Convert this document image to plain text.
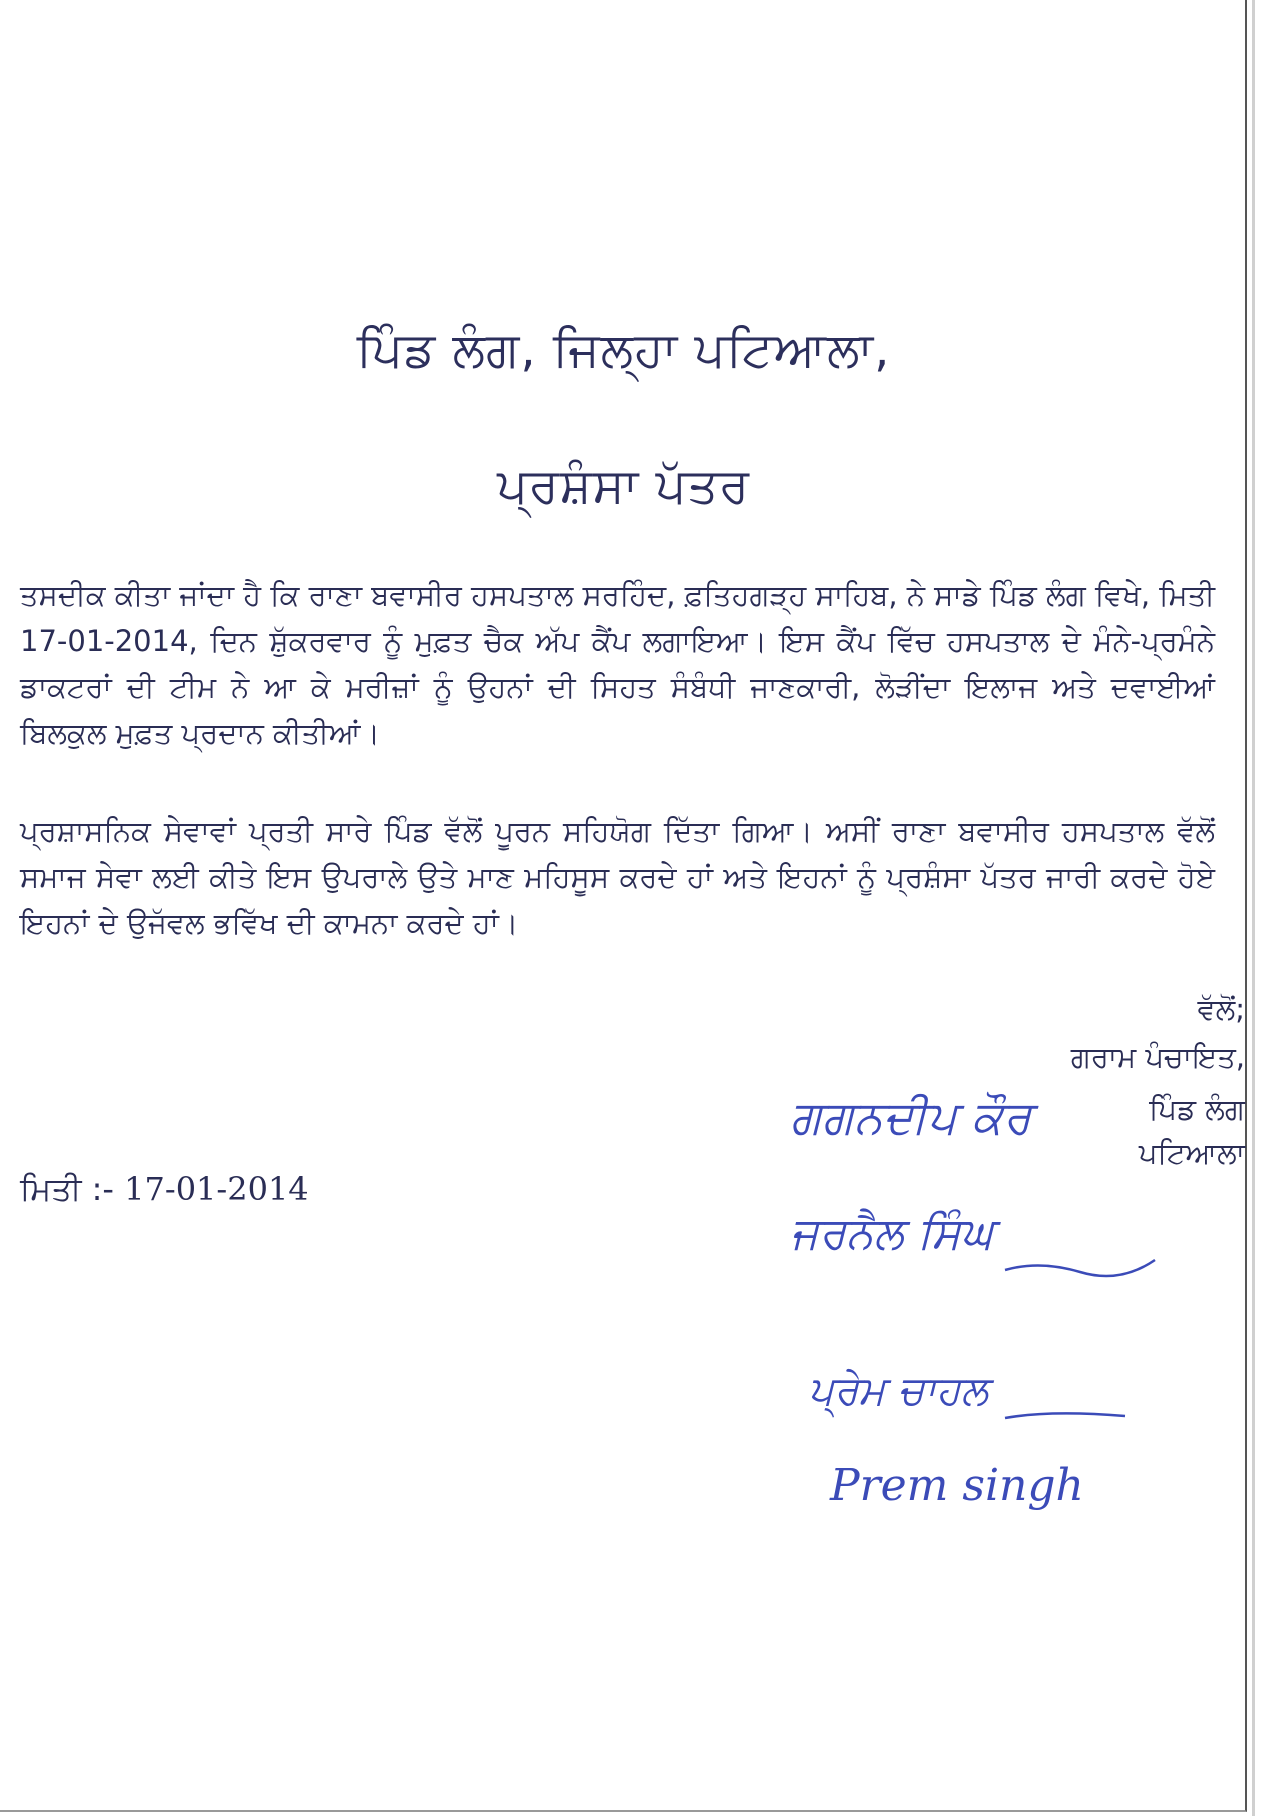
ਪਿੰਡ ਲੰਗ, ਜਿਲ੍ਹਾ ਪਟਿਆਲਾ,
ਪ੍ਰਸ਼ੰਸਾ ਪੱਤਰ

ਤਸਦੀਕ ਕੀਤਾ ਜਾਂਦਾ ਹੈ ਕਿ ਰਾਣਾ ਬਵਾਸੀਰ ਹਸਪਤਾਲ ਸਰਹਿੰਦ, ਫ਼ਤਿਹਗੜ੍ਹ ਸਾਹਿਬ, ਨੇ ਸਾਡੇ ਪਿੰਡ ਲੰਗ ਵਿਖੇ, ਮਿਤੀ 17-01-2014, ਦਿਨ ਸ਼ੁੱਕਰਵਾਰ ਨੂੰ ਮੁਫ਼ਤ ਚੈਕ ਅੱਪ ਕੈਂਪ ਲਗਾਇਆ। ਇਸ ਕੈਂਪ ਵਿੱਚ ਹਸਪਤਾਲ ਦੇ ਮੰਨੇ-ਪ੍ਰਮੰਨੇ ਡਾਕਟਰਾਂ ਦੀ ਟੀਮ ਨੇ ਆ ਕੇ ਮਰੀਜ਼ਾਂ ਨੂੰ ਉਹਨਾਂ ਦੀ ਸਿਹਤ ਸੰਬੰਧੀ ਜਾਣਕਾਰੀ, ਲੋੜੀਂਦਾ ਇਲਾਜ ਅਤੇ ਦਵਾਈਆਂ ਬਿਲਕੁਲ ਮੁਫ਼ਤ ਪ੍ਰਦਾਨ ਕੀਤੀਆਂ।

ਪ੍ਰਸ਼ਾਸਨਿਕ ਸੇਵਾਵਾਂ ਪ੍ਰਤੀ ਸਾਰੇ ਪਿੰਡ ਵੱਲੋਂ ਪੂਰਨ ਸਹਿਯੋਗ ਦਿੱਤਾ ਗਿਆ। ਅਸੀਂ ਰਾਣਾ ਬਵਾਸੀਰ ਹਸਪਤਾਲ ਵੱਲੋਂ ਸਮਾਜ ਸੇਵਾ ਲਈ ਕੀਤੇ ਇਸ ਉਪਰਾਲੇ ਉਤੇ ਮਾਣ ਮਹਿਸੂਸ ਕਰਦੇ ਹਾਂ ਅਤੇ ਇਹਨਾਂ ਨੂੰ ਪ੍ਰਸ਼ੰਸਾ ਪੱਤਰ ਜਾਰੀ ਕਰਦੇ ਹੋਏ ਇਹਨਾਂ ਦੇ ਉਜੱਵਲ ਭਵਿੱਖ ਦੀ ਕਾਮਨਾ ਕਰਦੇ ਹਾਂ।

ਵੱਲੋਂ;
ਗਰਾਮ ਪੰਚਾਇਤ,
ਪਿੰਡ ਲੰਗ
ਪਟਿਆਲਾ
ਮਿਤੀ :- 17-01-2014
ਗਗਨਦੀਪ ਕੌਰ
ਜਰਨੈਲ ਸਿੰਘ
ਪ੍ਰੇਮ ਚਾਹਲ
Prem singh
